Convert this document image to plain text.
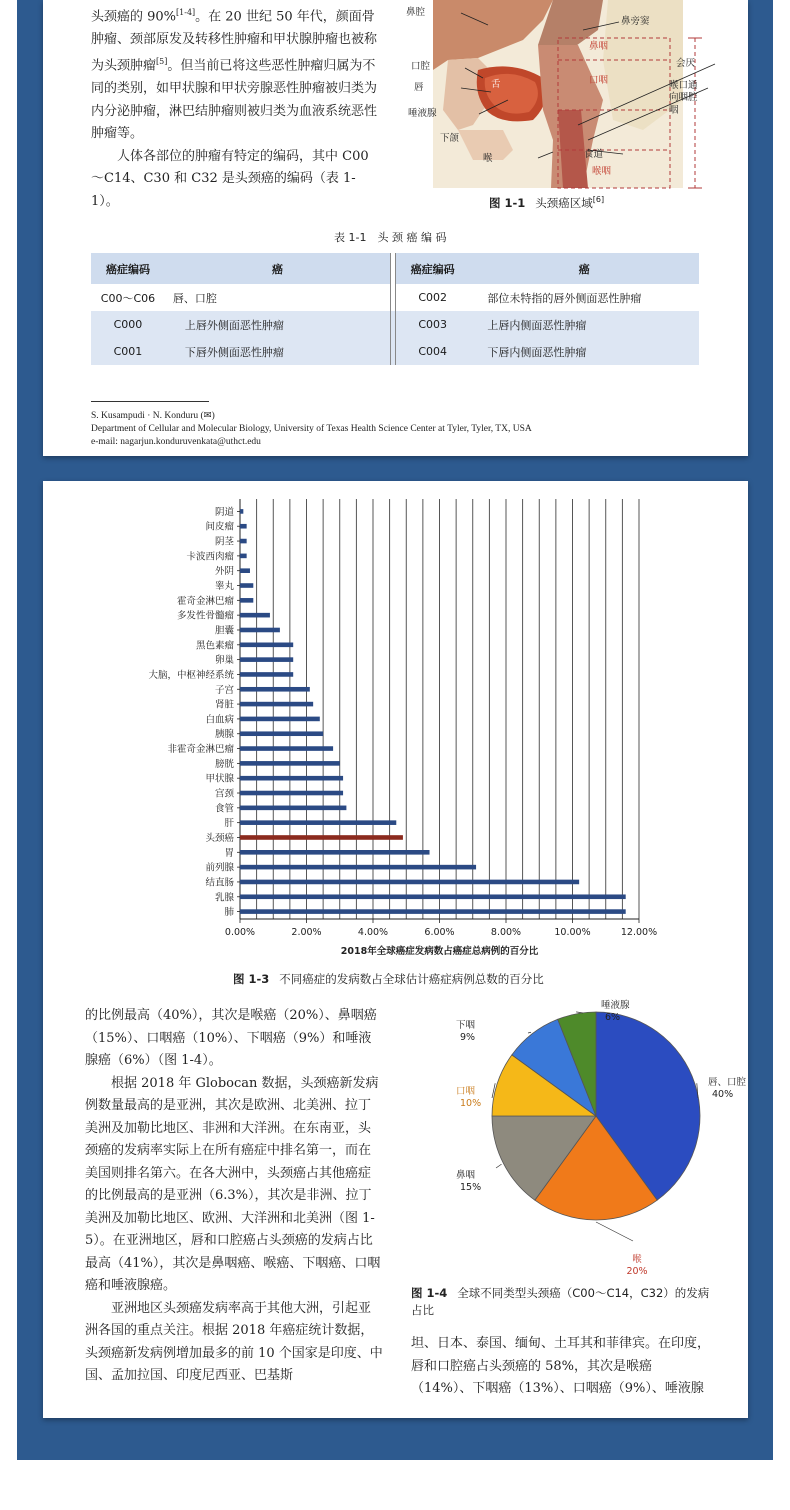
头颈癌的 90%[1-4]。在 20 世纪 50 年代，颜面骨肿瘤、颈部原发及转移性肿瘤和甲状腺肿瘤也被称为头颈肿瘤[5]。但当前已将这些恶性肿瘤归属为不同的类别，如甲状腺和甲状旁腺恶性肿瘤被归类为内分泌肿瘤，淋巴结肿瘤则被归类为血液系统恶性肿瘤等。

人体各部位的肿瘤有特定的编码，其中 C00～C14、C30 和 C32 是头颈癌的编码（表 1-1）。

鼻腔
鼻旁窦
鼻咽
口腔
舌
唇
口咽
唾液腺
会厌
喉口通
向咽腔
咽
下颌
喉	食道
喉咽
图 1-1 头颈癌区域[6]
表 1-1　头 颈 癌 编 码
癌症编码	癌		癌症编码	癌
C00～C06	唇、口腔		C002	部位未特指的唇外侧面恶性肿瘤
C000	上唇外侧面恶性肿瘤		C003	上唇内侧面恶性肿瘤
C001	下唇外侧面恶性肿瘤		C004	下唇内侧面恶性肿瘤
S. Kusampudi · N. Konduru (✉)
Department of Cellular and Molecular Biology, University of Texas Health Science Center at Tyler, Tyler, TX, USA
e-mail: nagarjun.konduruvenkata@uthct.edu
阴道
间皮瘤
阴茎
卡波西肉瘤
外阴
睾丸
霍奇金淋巴瘤
多发性骨髓瘤
胆囊
黑色素瘤
卵巢
大脑，中枢神经系统
子宫
肾脏
白血病
胰腺
非霍奇金淋巴瘤
膀胱
甲状腺
宫颈
食管
肝
头颈癌
胃
前列腺
结直肠
乳腺
肺
0.00%	2.00%	4.00%	6.00%	8.00%	10.00%	12.00%
2018年全球癌症发病数占癌症总病例的百分比
图 1-3 不同癌症的发病数占全球估计癌症病例总数的百分比

的比例最高（40%），其次是喉癌（20%）、鼻咽癌（15%）、口咽癌（10%）、下咽癌（9%）和唾液腺癌（6%）（图 1-4）。

根据 2018 年 Globocan 数据，头颈癌新发病例数量最高的是亚洲，其次是欧洲、北美洲、拉丁美洲及加勒比地区、非洲和大洋洲。在东南亚，头颈癌的发病率实际上在所有癌症中排名第一，而在美国则排名第六。在各大洲中，头颈癌占其他癌症的比例最高的是亚洲（6.3%），其次是非洲、拉丁美洲及加勒比地区、欧洲、大洋洲和北美洲（图 1-5）。在亚洲地区，唇和口腔癌占头颈癌的发病占比最高（41%），其次是鼻咽癌、喉癌、下咽癌、口咽癌和唾液腺癌。

亚洲地区头颈癌发病率高于其他大洲，引起亚洲各国的重点关注。根据 2018 年癌症统计数据，头颈癌新发病例增加最多的前 10 个国家是印度、中国、孟加拉国、印度尼西亚、巴基斯

唇、口腔
40%
喉
20%
鼻咽
15%
口咽
10%
下咽
9%
唾液腺
6%
图 1-4 全球不同类型头颈癌（C00～C14，C32）的发病占比

坦、日本、泰国、缅甸、土耳其和菲律宾。在印度，唇和口腔癌占头颈癌的 58%，其次是喉癌（14%）、下咽癌（13%）、口咽癌（9%）、唾液腺
